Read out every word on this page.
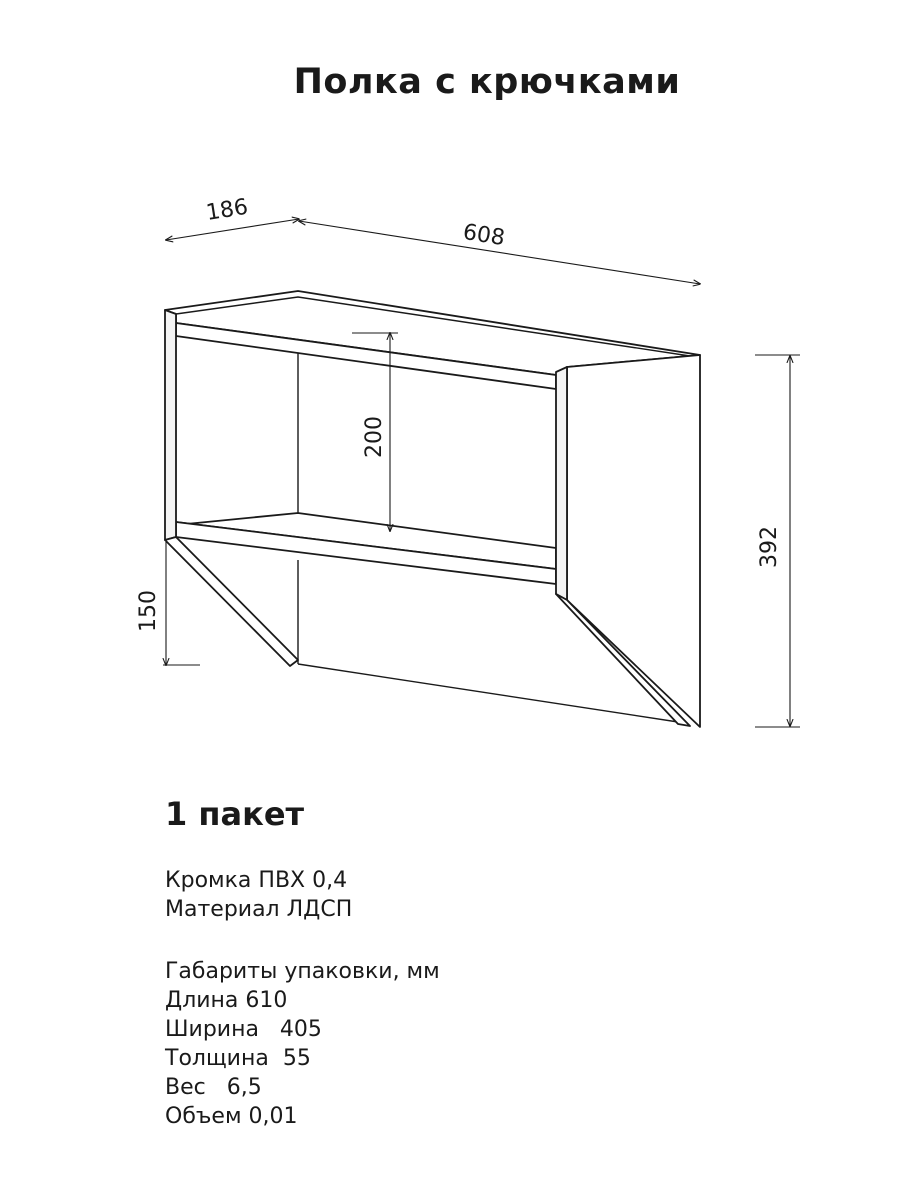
Полка с крючками
186
608
200
392
150
1 пакет
Кромка ПВХ 0,4
Материал ЛДСП
Габариты упаковки, мм
Длина 610
Ширина   405
Толщина  55
Вес   6,5
Объем 0,01
